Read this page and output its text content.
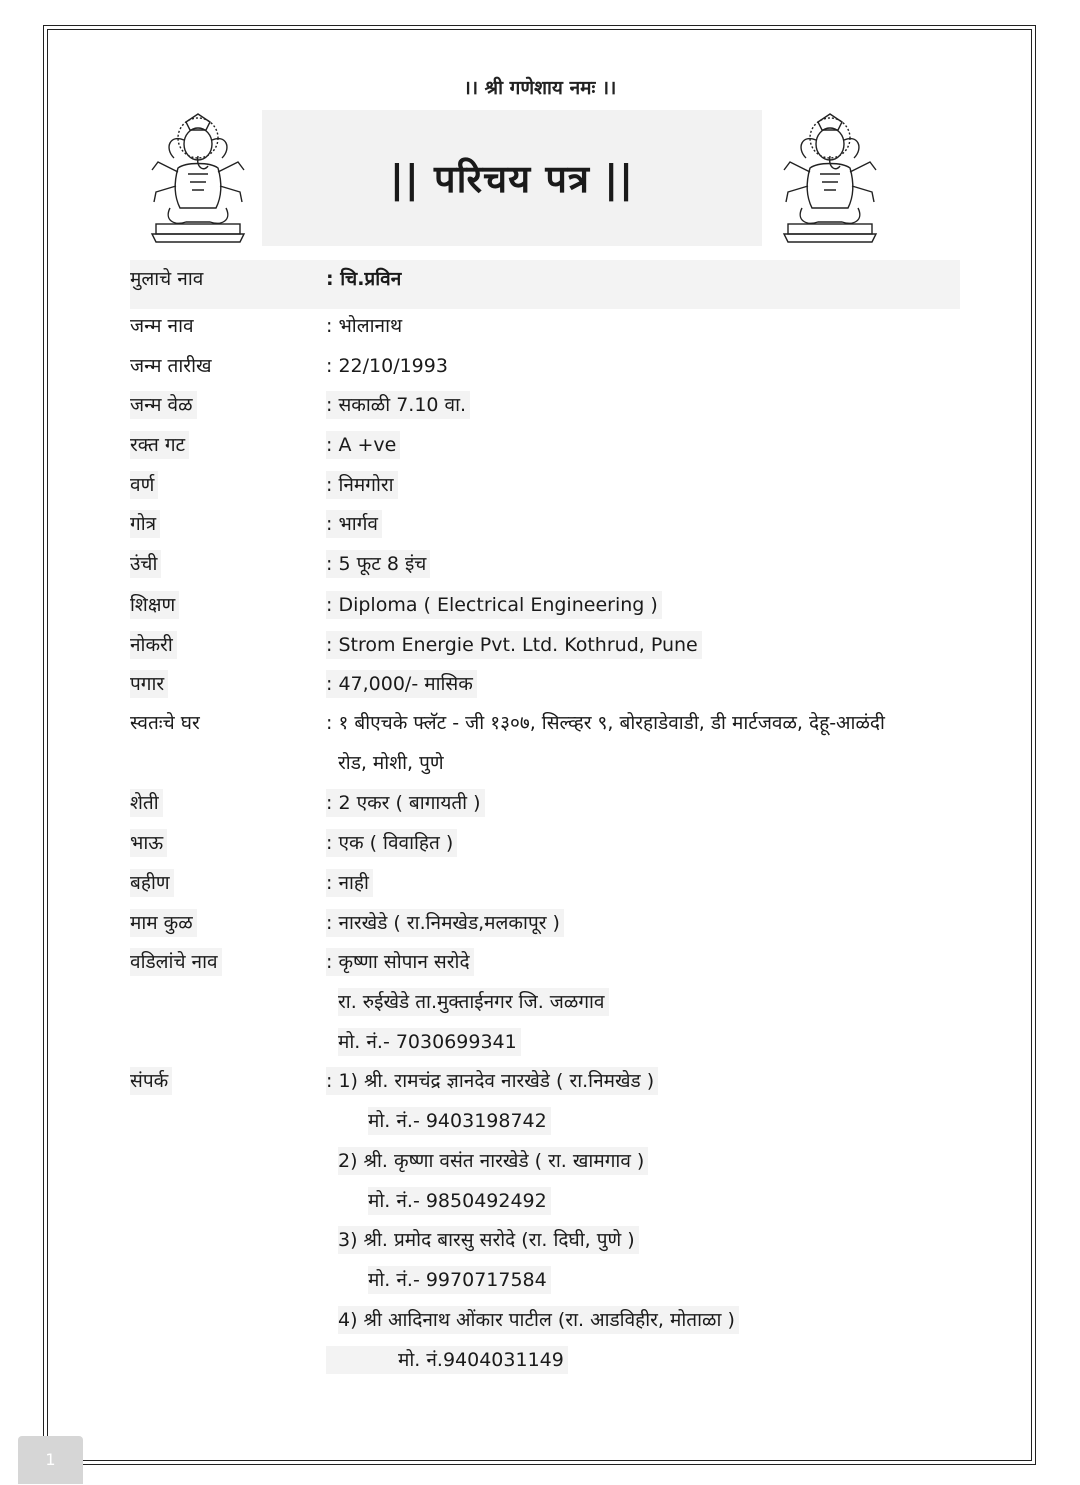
।। श्री गणेशाय नमः ।।
|| परिचय पत्र ||
मुलाचे नाव	: चि.प्रविन
जन्म नाव	: भोलानाथ
जन्म तारीख	: 22/10/1993
जन्म वेळ	: सकाळी 7.10 वा.
रक्त गट	: A +ve
वर्ण	: निमगोरा
गोत्र	: भार्गव
उंची	: 5 फूट 8 इंच
शिक्षण	: Diploma ( Electrical Engineering )
नोकरी	: Strom Energie Pvt. Ltd. Kothrud, Pune
पगार	: 47,000/- मासिक
स्वतःचे घर	: १ बीएचके फ्लॅट - जी १३०७, सिल्व्हर ९, बोरहाडेवाडी, डी मार्टजवळ, देहू-आळंदी
रोड, मोशी, पुणे
शेती	: 2 एकर ( बागायती )
भाऊ	: एक ( विवाहित )
बहीण	: नाही
माम कुळ	: नारखेडे ( रा.निमखेड,मलकापूर )
वडिलांचे नाव	: कृष्णा सोपान सरोदे
रा. रुईखेडे ता.मुक्ताईनगर जि. जळगाव
मो. नं.- 7030699341
संपर्क	: 1) श्री. रामचंद्र ज्ञानदेव नारखेडे ( रा.निमखेड )
मो. नं.- 9403198742
2) श्री. कृष्णा वसंत नारखेडे ( रा. खामगाव )
मो. नं.- 9850492492
3) श्री. प्रमोद बारसु सरोदे (रा. दिघी, पुणे )
मो. नं.- 9970717584
4) श्री आदिनाथ ओंकार पाटील (रा. आडविहीर, मोताळा )
मो. नं.9404031149
1
